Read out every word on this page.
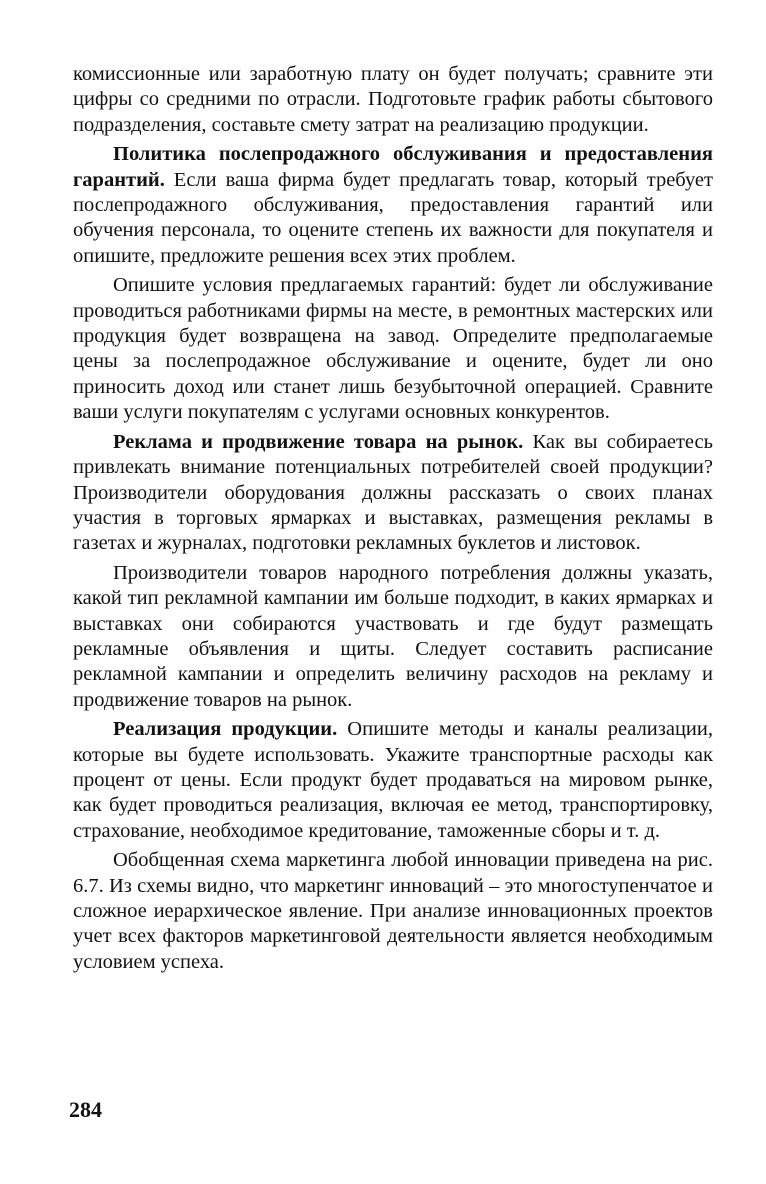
комиссионные или заработную плату он будет получать; сравните эти цифры со средними по отрасли. Подготовьте график работы сбытового подразделения, составьте смету затрат на реализацию продукции.

Политика послепродажного обслуживания и предоставления гарантий. Если ваша фирма будет предлагать товар, который требует послепродажного обслуживания, предоставления гарантий или обучения персонала, то оцените степень их важности для покупателя и опишите, предложите решения всех этих проблем.

Опишите условия предлагаемых гарантий: будет ли обслуживание проводиться работниками фирмы на месте, в ремонтных мастерских или продукция будет возвращена на завод. Определите предполагаемые цены за послепродажное обслуживание и оцените, будет ли оно приносить доход или станет лишь безубыточной операцией. Сравните ваши услуги покупателям с услугами основных конкурентов.

Реклама и продвижение товара на рынок. Как вы собираетесь привлекать внимание потенциальных потребителей своей продукции? Производители оборудования должны рассказать о своих планах участия в торговых ярмарках и выставках, размещения рекламы в газетах и журналах, подготовки рекламных буклетов и листовок.

Производители товаров народного потребления должны указать, какой тип рекламной кампании им больше подходит, в каких ярмарках и выставках они собираются участвовать и где будут размещать рекламные объявления и щиты. Следует составить расписание рекламной кампании и определить величину расходов на рекламу и продвижение товаров на рынок.

Реализация продукции. Опишите методы и каналы реализации, которые вы будете использовать. Укажите транспортные расходы как процент от цены. Если продукт будет продаваться на мировом рынке, как будет проводиться реализация, включая ее метод, транспортировку, страхование, необходимое кредитование, таможенные сборы и т. д.

Обобщенная схема маркетинга любой инновации приведена на рис. 6.7. Из схемы видно, что маркетинг инноваций – это многоступенчатое и сложное иерархическое явление. При анализе инновационных проектов учет всех факторов маркетинговой деятельности является необходимым условием успеха.

284
